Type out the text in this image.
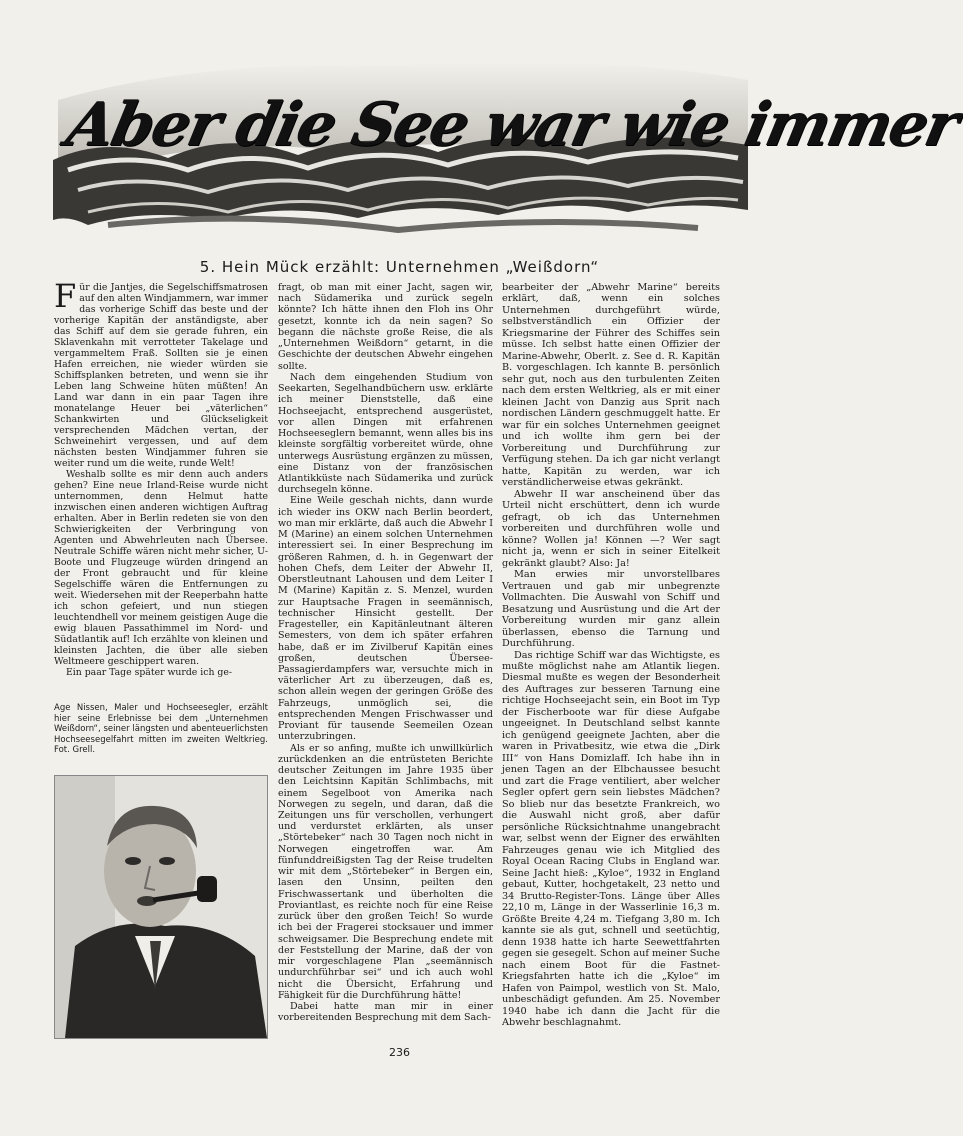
Aber die See war wie immer
5. Hein Mück erzählt: Unternehmen „Weißdorn“

Für die Jantjes, die Segelschiffsmatrosen auf den alten Windjammern, war immer das vorherige Schiff das beste und der vorherige Kapitän der anständigste, aber das Schiff auf dem sie gerade fuhren, ein Sklavenkahn mit verrotteter Takelage und vergammeltem Fraß. Sollten sie je einen Hafen erreichen, nie wieder würden sie Schiffsplanken betreten, und wenn sie ihr Leben lang Schweine hüten müßten! An Land war dann in ein paar Tagen ihre monatelange Heuer bei „väterlichen“ Schankwirten und Glückseligkeit versprechenden Mädchen vertan, der Schweinehirt vergessen, und auf dem nächsten besten Windjammer fuhren sie weiter rund um die weite, runde Welt!

Weshalb sollte es mir denn auch anders gehen? Eine neue Irland-Reise wurde nicht unternommen, denn Helmut hatte inzwischen einen anderen wichtigen Auftrag erhalten. Aber in Berlin redeten sie von den Schwierigkeiten der Verbringung von Agenten und Abwehrleuten nach Übersee. Neutrale Schiffe wären nicht mehr sicher, U-Boote und Flugzeuge würden dringend an der Front gebraucht und für kleine Segelschiffe wären die Entfernungen zu weit. Wiedersehen mit der Reeperbahn hatte ich schon gefeiert, und nun stiegen leuchtendhell vor meinem geistigen Auge die ewig blauen Passathimmel im Nord- und Südatlantik auf! Ich erzählte von kleinen und kleinsten Jachten, die über alle sieben Weltmeere geschippert waren.

Ein paar Tage später wurde ich ge-

Age Nissen, Maler und Hochseesegler, erzählt hier seine Erlebnisse bei dem „Unternehmen Weißdorn“, seiner längsten und abenteuerlichsten Hochseesegelfahrt mitten im zweiten Weltkrieg. Fot. Grell.

fragt, ob man mit einer Jacht, sagen wir, nach Südamerika und zurück segeln könnte? Ich hätte ihnen den Floh ins Ohr gesetzt, konnte ich da nein sagen? So begann die nächste große Reise, die als „Unternehmen Weißdorn“ getarnt, in die Geschichte der deutschen Abwehr eingehen sollte.

Nach dem eingehenden Studium von Seekarten, Segelhandbüchern usw. erklärte ich meiner Dienststelle, daß eine Hochseejacht, entsprechend ausgerüstet, vor allen Dingen mit erfahrenen Hochseeseglern bemannt, wenn alles bis ins kleinste sorgfältig vorbereitet würde, ohne unterwegs Ausrüstung ergänzen zu müssen, eine Distanz von der französischen Atlantikküste nach Südamerika und zurück durchsegeln könne.

Eine Weile geschah nichts, dann wurde ich wieder ins OKW nach Berlin beordert, wo man mir erklärte, daß auch die Abwehr I M (Marine) an einem solchen Unternehmen interessiert sei. In einer Besprechung im größeren Rahmen, d. h. in Gegenwart der hohen Chefs, dem Leiter der Abwehr II, Oberstleutnant Lahousen und dem Leiter I M (Marine) Kapitän z. S. Menzel, wurden zur Hauptsache Fragen in seemännisch, technischer Hinsicht gestellt. Der Fragesteller, ein Kapitänleutnant älteren Semesters, von dem ich später erfahren habe, daß er im Zivilberuf Kapitän eines großen, deutschen Übersee-Passagierdampfers war, versuchte mich in väterlicher Art zu überzeugen, daß es, schon allein wegen der geringen Größe des Fahrzeugs, unmöglich sei, die entsprechenden Mengen Frischwasser und Proviant für tausende Seemeilen Ozean unterzubringen.

Als er so anfing, mußte ich unwillkürlich zurückdenken an die entrüsteten Berichte deutscher Zeitungen im Jahre 1935 über den Leichtsinn Kapitän Schlimbachs, mit einem Segelboot von Amerika nach Norwegen zu segeln, und daran, daß die Zeitungen uns für verschollen, verhungert und verdurstet erklärten, als unser „Störtebeker“ nach 30 Tagen noch nicht in Norwegen eingetroffen war. Am fünfunddreißigsten Tag der Reise trudelten wir mit dem „Störtebeker“ in Bergen ein, lasen den Unsinn, peilten den Frischwassertank und überholten die Proviantlast, es reichte noch für eine Reise zurück über den großen Teich! So wurde ich bei der Fragerei stocksauer und immer schweigsamer. Die Besprechung endete mit der Feststellung der Marine, daß der von mir vorgeschlagene Plan „seemännisch undurchführbar sei“ und ich auch wohl nicht die Übersicht, Erfahrung und Fähigkeit für die Durchführung hätte!

Dabei hatte man mir in einer vorbereitenden Besprechung mit dem Sach-

bearbeiter der „Abwehr Marine“ bereits erklärt, daß, wenn ein solches Unternehmen durchgeführt würde, selbstverständlich ein Offizier der Kriegsmarine der Führer des Schiffes sein müsse. Ich selbst hatte einen Offizier der Marine-Abwehr, Oberlt. z. See d. R. Kapitän B. vorgeschlagen. Ich kannte B. persönlich sehr gut, noch aus den turbulenten Zeiten nach dem ersten Weltkrieg, als er mit einer kleinen Jacht von Danzig aus Sprit nach nordischen Ländern geschmuggelt hatte. Er war für ein solches Unternehmen geeignet und ich wollte ihm gern bei der Vorbereitung und Durchführung zur Verfügung stehen. Da ich gar nicht verlangt hatte, Kapitän zu werden, war ich verständlicherweise etwas gekränkt.

Abwehr II war anscheinend über das Urteil nicht erschüttert, denn ich wurde gefragt, ob ich das Unternehmen vorbereiten und durchführen wolle und könne? Wollen ja! Können —? Wer sagt nicht ja, wenn er sich in seiner Eitelkeit gekränkt glaubt? Also: Ja!

Man erwies mir unvorstellbares Vertrauen und gab mir unbegrenzte Vollmachten. Die Auswahl von Schiff und Besatzung und Ausrüstung und die Art der Vorbereitung wurden mir ganz allein überlassen, ebenso die Tarnung und Durchführung.

Das richtige Schiff war das Wichtigste, es mußte möglichst nahe am Atlantik liegen. Diesmal mußte es wegen der Besonderheit des Auftrages zur besseren Tarnung eine richtige Hochseejacht sein, ein Boot im Typ der Fischerboote war für diese Aufgabe ungeeignet. In Deutschland selbst kannte ich genügend geeignete Jachten, aber die waren in Privatbesitz, wie etwa die „Dirk III“ von Hans Domizlaff. Ich habe ihn in jenen Tagen an der Elbchaussee besucht und zart die Frage ventiliert, aber welcher Segler opfert gern sein liebstes Mädchen? So blieb nur das besetzte Frankreich, wo die Auswahl nicht groß, aber dafür persönliche Rücksichtnahme unangebracht war, selbst wenn der Eigner des erwählten Fahrzeuges genau wie ich Mitglied des Royal Ocean Racing Clubs in England war. Seine Jacht hieß: „Kyloe“, 1932 in England gebaut, Kutter, hochgetakelt, 23 netto und 34 Brutto-Register-Tons. Länge über Alles 22,10 m, Länge in der Wasserlinie 16,3 m. Größte Breite 4,24 m. Tiefgang 3,80 m. Ich kannte sie als gut, schnell und seetüchtig, denn 1938 hatte ich harte Seewettfahrten gegen sie gesegelt. Schon auf meiner Suche nach einem Boot für die Fastnet-Kriegsfahrten hatte ich die „Kyloe“ im Hafen von Paimpol, westlich von St. Malo, unbeschädigt gefunden. Am 25. November 1940 habe ich dann die Jacht für die Abwehr beschlagnahmt.

236
